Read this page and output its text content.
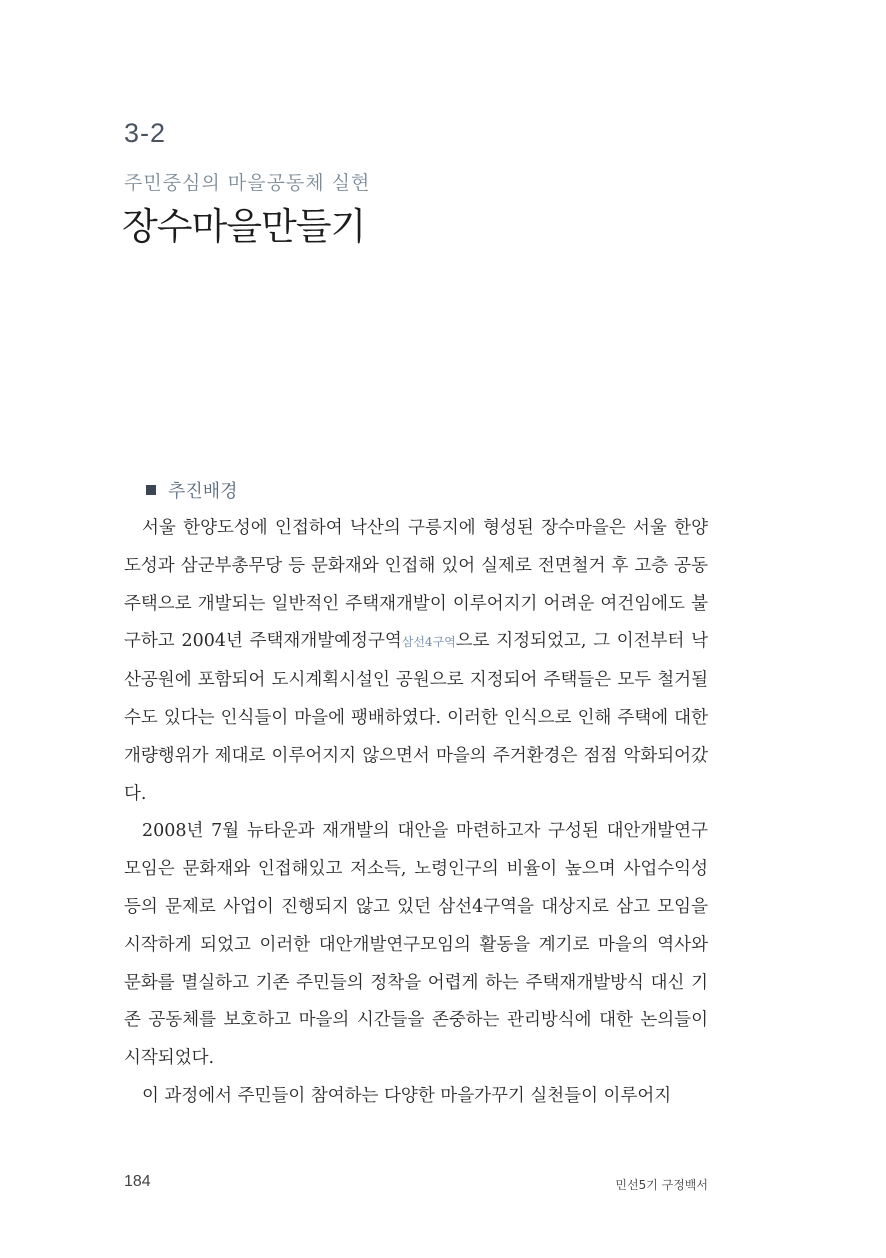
3-2
주민중심의 마을공동체 실현
장수마을만들기
추진배경

서울 한양도성에 인접하여 낙산의 구릉지에 형성된 장수마을은 서울 한양도성과 삼군부총무당 등 문화재와 인접해 있어 실제로 전면철거 후 고층 공동주택으로 개발되는 일반적인 주택재개발이 이루어지기 어려운 여건임에도 불구하고 2004년 주택재개발예정구역삼선4구역으로 지정되었고, 그 이전부터 낙산공원에 포함되어 도시계획시설인 공원으로 지정되어 주택들은 모두 철거될 수도 있다는 인식들이 마을에 팽배하였다. 이러한 인식으로 인해 주택에 대한 개량행위가 제대로 이루어지지 않으면서 마을의 주거환경은 점점 악화되어갔다.

2008년 7월 뉴타운과 재개발의 대안을 마련하고자 구성된 대안개발연구모임은 문화재와 인접해있고 저소득, 노령인구의 비율이 높으며 사업수익성 등의 문제로 사업이 진행되지 않고 있던 삼선4구역을 대상지로 삼고 모임을 시작하게 되었고 이러한 대안개발연구모임의 활동을 계기로 마을의 역사와 문화를 멸실하고 기존 주민들의 정착을 어렵게 하는 주택재개발방식 대신 기존 공동체를 보호하고 마을의 시간들을 존중하는 관리방식에 대한 논의들이 시작되었다.

이 과정에서 주민들이 참여하는 다양한 마을가꾸기 실천들이 이루어지

184	민선5기 구정백서
